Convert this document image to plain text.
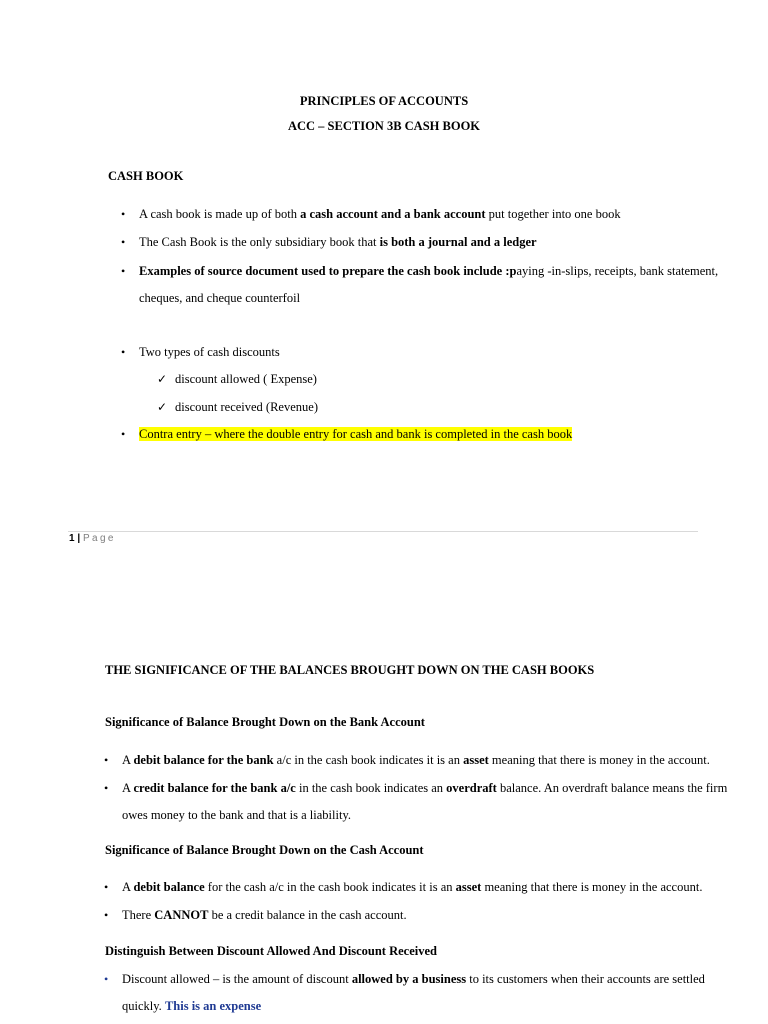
PRINCIPLES OF ACCOUNTS
ACC – SECTION 3B CASH BOOK
CASH BOOK
• A cash book is made up of both a cash account and a bank account put together into one book
• The Cash Book is the only subsidiary book that is both a journal and a ledger
• Examples of source document used to prepare the cash book include :paying -in-slips, receipts, bank statement,
cheques, and cheque counterfoil
• Two types of cash discounts
✓ discount allowed ( Expense)
✓ discount received (Revenue)
• Contra entry – where the double entry for cash and bank is completed in the cash book
1 | Page
THE SIGNIFICANCE OF THE BALANCES BROUGHT DOWN ON THE CASH BOOKS
Significance of Balance Brought Down on the Bank Account
• A debit balance for the bank a/c in the cash book indicates it is an asset meaning that there is money in the account.
• A credit balance for the bank a/c in the cash book indicates an overdraft balance. An overdraft balance means the firm
owes money to the bank and that is a liability.
Significance of Balance Brought Down on the Cash Account
• A debit balance for the cash a/c in the cash book indicates it is an asset meaning that there is money in the account.
• There CANNOT be a credit balance in the cash account.
Distinguish Between Discount Allowed And Discount Received
• Discount allowed – is the amount of discount allowed by a business to its customers when their accounts are settled
quickly. This is an expense
